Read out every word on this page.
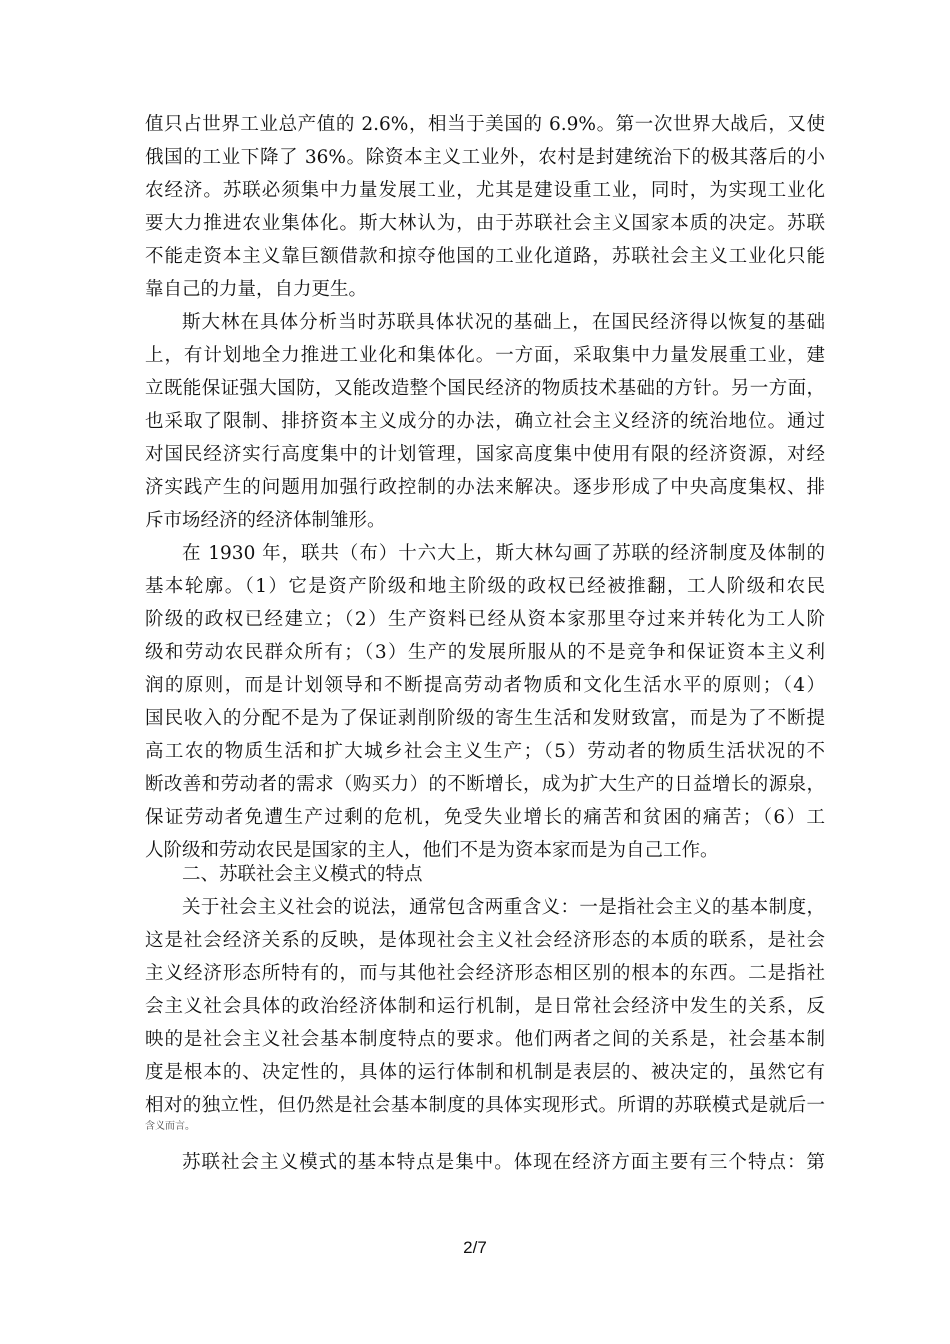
值只占世界工业总产值的 2.6%，相当于美国的 6.9%。第一次世界大战后，又使
俄国的工业下降了 36%。除资本主义工业外，农村是封建统治下的极其落后的小
农经济。苏联必须集中力量发展工业，尤其是建设重工业，同时，为实现工业化
要大力推进农业集体化。斯大林认为，由于苏联社会主义国家本质的决定。苏联
不能走资本主义靠巨额借款和掠夺他国的工业化道路，苏联社会主义工业化只能
靠自己的力量，自力更生。
斯大林在具体分析当时苏联具体状况的基础上，在国民经济得以恢复的基础
上，有计划地全力推进工业化和集体化。一方面，采取集中力量发展重工业，建
立既能保证强大国防，又能改造整个国民经济的物质技术基础的方针。另一方面，
也采取了限制、排挤资本主义成分的办法，确立社会主义经济的统治地位。通过
对国民经济实行高度集中的计划管理，国家高度集中使用有限的经济资源，对经
济实践产生的问题用加强行政控制的办法来解决。逐步形成了中央高度集权、排
斥市场经济的经济体制雏形。
在 1930 年，联共（布）十六大上，斯大林勾画了苏联的经济制度及体制的
基本轮廓。（1）它是资产阶级和地主阶级的政权已经被推翻，工人阶级和农民
阶级的政权已经建立；（2）生产资料已经从资本家那里夺过来并转化为工人阶
级和劳动农民群众所有；（3）生产的发展所服从的不是竞争和保证资本主义利
润的原则，而是计划领导和不断提高劳动者物质和文化生活水平的原则；（4）
国民收入的分配不是为了保证剥削阶级的寄生生活和发财致富，而是为了不断提
高工农的物质生活和扩大城乡社会主义生产；（5）劳动者的物质生活状况的不
断改善和劳动者的需求（购买力）的不断增长，成为扩大生产的日益增长的源泉，
保证劳动者免遭生产过剩的危机，免受失业增长的痛苦和贫困的痛苦；（6）工
人阶级和劳动农民是国家的主人，他们不是为资本家而是为自己工作。
二、苏联社会主义模式的特点
关于社会主义社会的说法，通常包含两重含义：一是指社会主义的基本制度，
这是社会经济关系的反映，是体现社会主义社会经济形态的本质的联系，是社会
主义经济形态所特有的，而与其他社会经济形态相区别的根本的东西。二是指社
会主义社会具体的政治经济体制和运行机制，是日常社会经济中发生的关系，反
映的是社会主义社会基本制度特点的要求。他们两者之间的关系是，社会基本制
度是根本的、决定性的，具体的运行体制和机制是表层的、被决定的，虽然它有
相对的独立性，但仍然是社会基本制度的具体实现形式。所谓的苏联模式是就后一
含义而言。
苏联社会主义模式的基本特点是集中。体现在经济方面主要有三个特点：第
2/7
